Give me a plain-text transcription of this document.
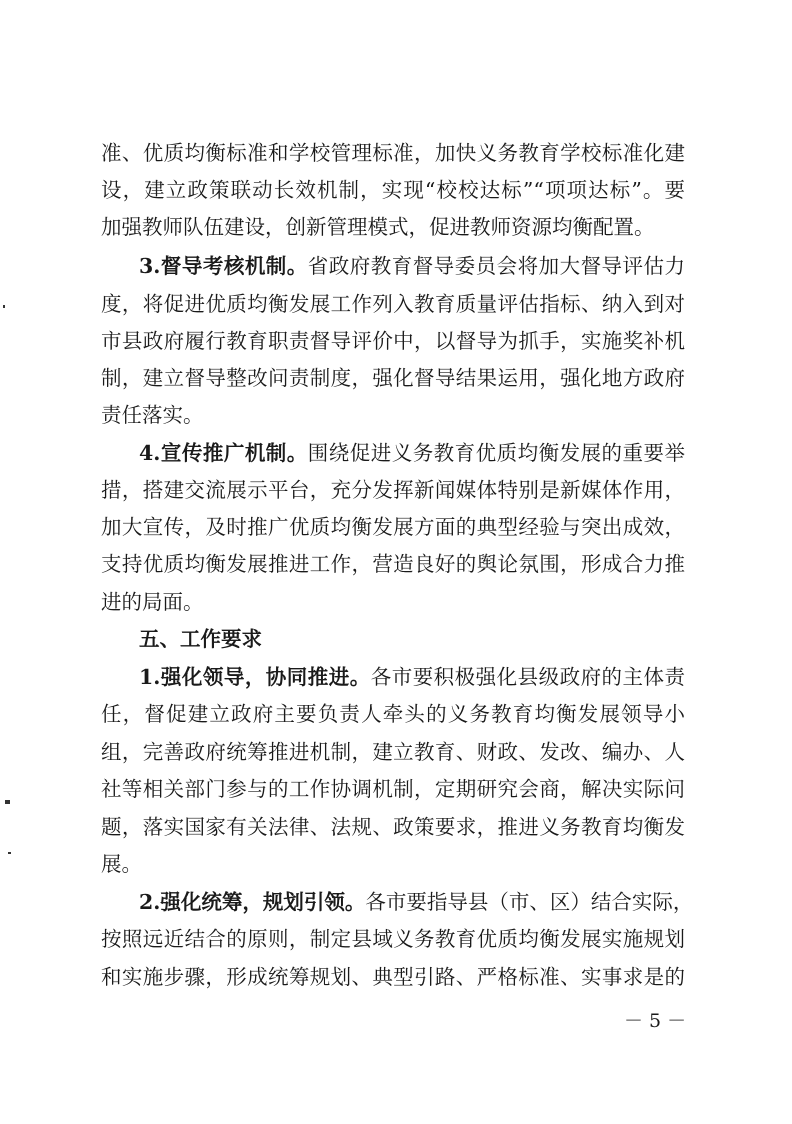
准、优质均衡标准和学校管理标准，加快义务教育学校标准化建
设，建立政策联动长效机制，实现“校校达标”“项项达标”。要
加强教师队伍建设，创新管理模式，促进教师资源均衡配置。
3.督导考核机制。省政府教育督导委员会将加大督导评估力
度，将促进优质均衡发展工作列入教育质量评估指标、纳入到对
市县政府履行教育职责督导评价中，以督导为抓手，实施奖补机
制，建立督导整改问责制度，强化督导结果运用，强化地方政府
责任落实。
4.宣传推广机制。围绕促进义务教育优质均衡发展的重要举
措，搭建交流展示平台，充分发挥新闻媒体特别是新媒体作用，
加大宣传，及时推广优质均衡发展方面的典型经验与突出成效，
支持优质均衡发展推进工作，营造良好的舆论氛围，形成合力推
进的局面。
五、工作要求
1.强化领导，协同推进。各市要积极强化县级政府的主体责
任，督促建立政府主要负责人牵头的义务教育均衡发展领导小
组，完善政府统筹推进机制，建立教育、财政、发改、编办、人
社等相关部门参与的工作协调机制，定期研究会商，解决实际问
题，落实国家有关法律、法规、政策要求，推进义务教育均衡发
展。
2.强化统筹，规划引领。各市要指导县（市、区）结合实际，
按照远近结合的原则，制定县域义务教育优质均衡发展实施规划
和实施步骤，形成统筹规划、典型引路、严格标准、实事求是的
－ 5 －
